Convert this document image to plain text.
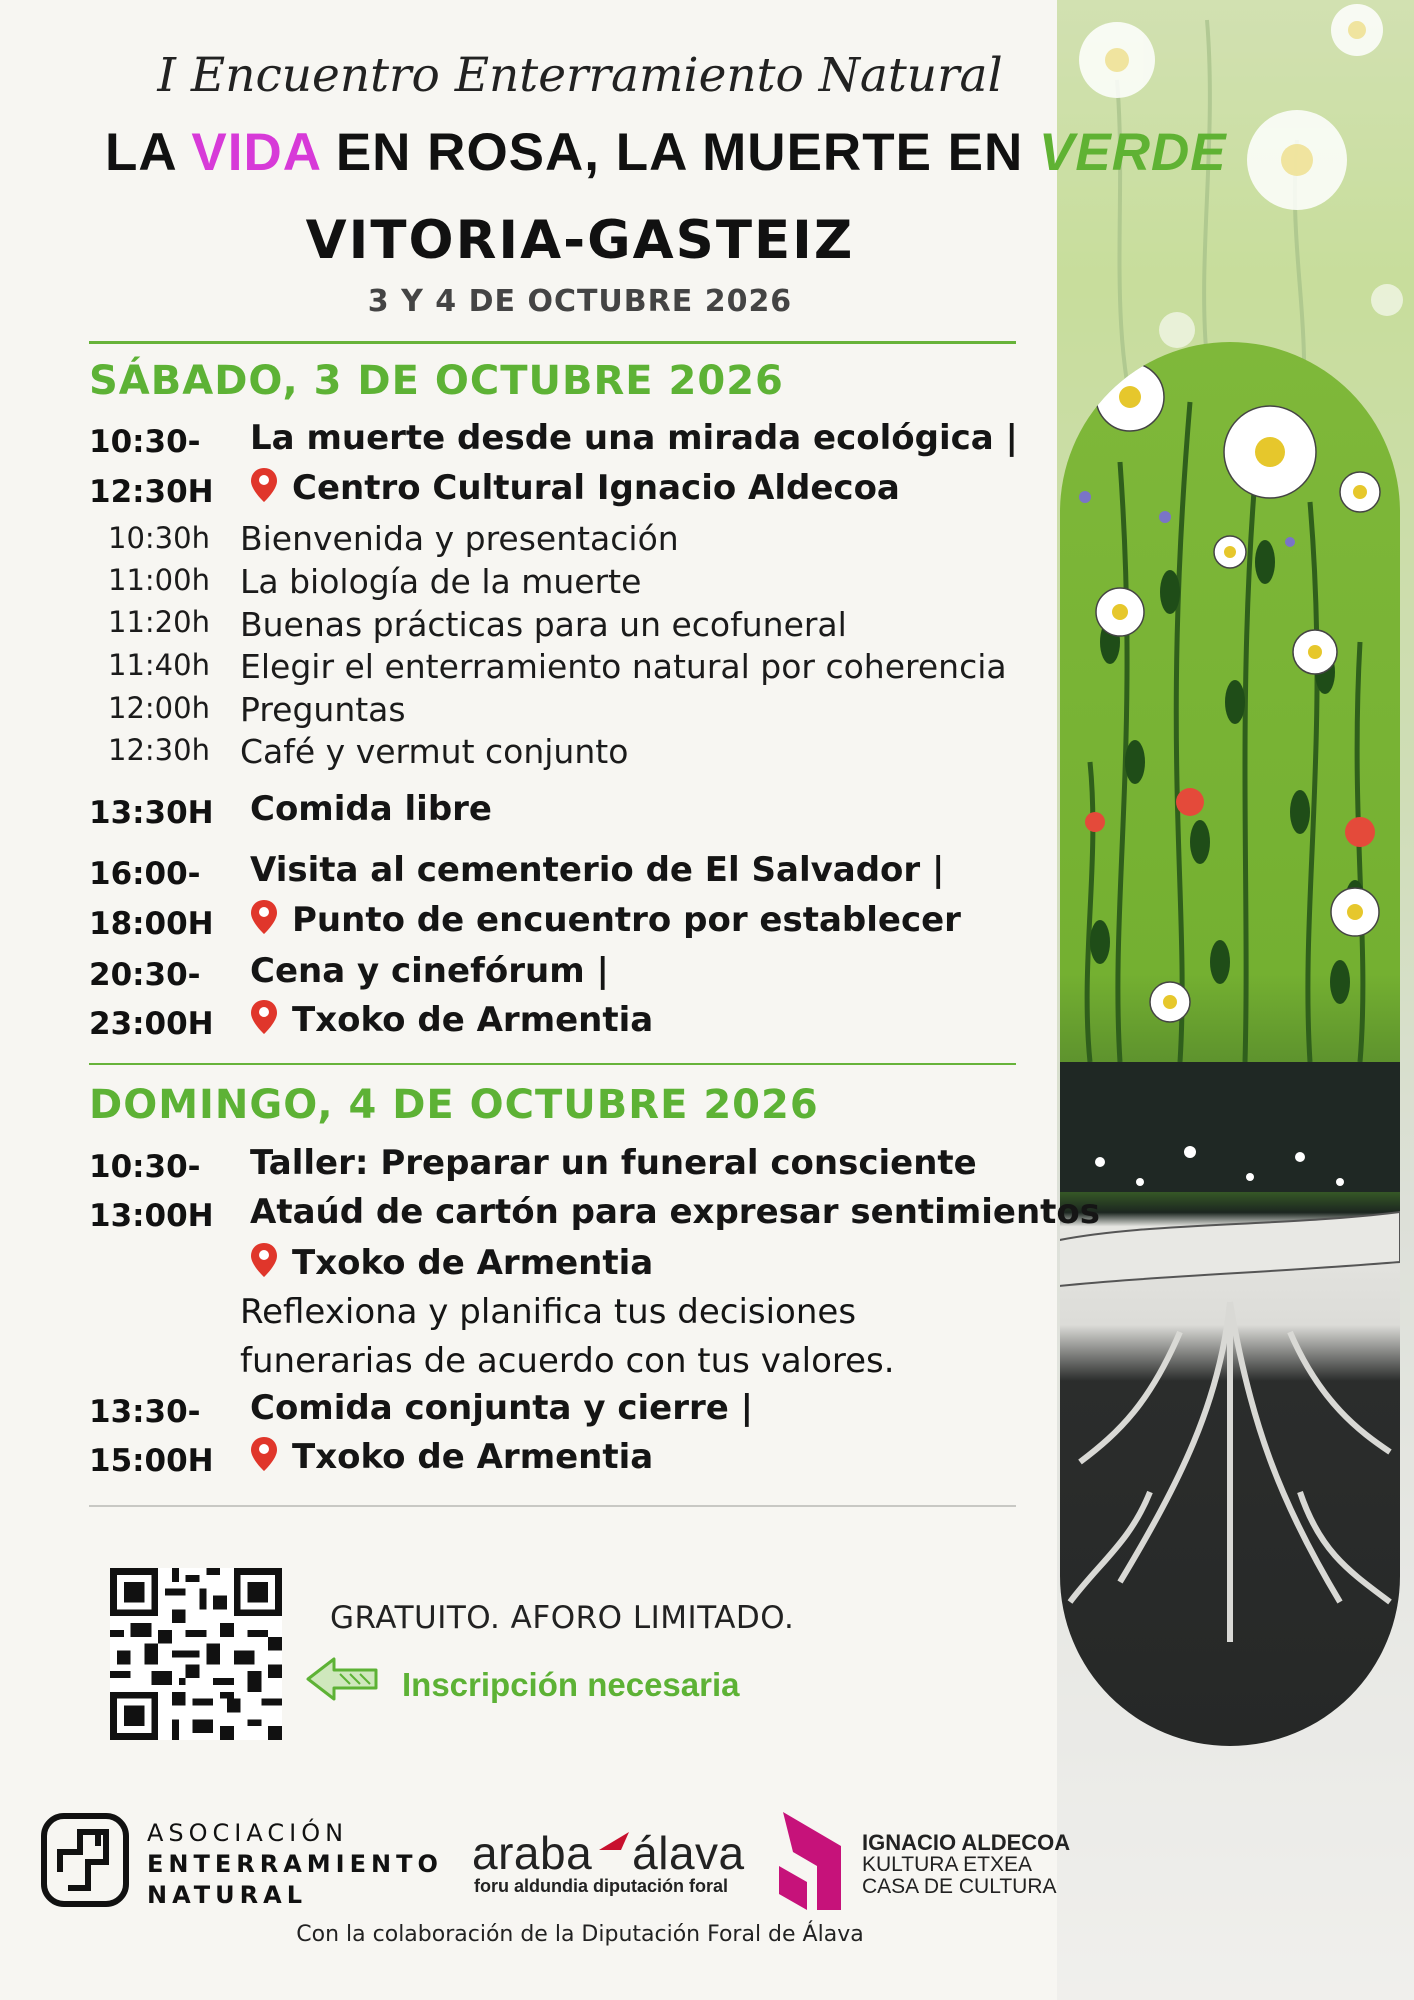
I Encuentro Enterramiento Natural
LA VIDA EN ROSA, LA MUERTE EN VERDE
VITORIA-GASTEIZ
3 Y 4 DE OCTUBRE 2026
SÁBADO, 3 DE OCTUBRE 2026
10:30- La muerte desde una mirada ecológica |
12:30H	Centro Cultural Ignacio Aldecoa
10:30h Bienvenida y presentación
11:00h La biología de la muerte
11:20h Buenas prácticas para un ecofuneral
11:40h Elegir el enterramiento natural por coherencia
12:00h Preguntas
12:30h Café y vermut conjunto
13:30H Comida libre
16:00- Visita al cementerio de El Salvador |
18:00H	Punto de encuentro por establecer
20:30- Cena y cinefórum |
23:00H	Txoko de Armentia
DOMINGO, 4 DE OCTUBRE 2026
10:30- Taller: Preparar un funeral consciente
13:00H Ataúd de cartón para expresar sentimientos
Txoko de Armentia
Reflexiona y planifica tus decisiones
funerarias de acuerdo con tus valores.
13:30- Comida conjunta y cierre |
15:00H	Txoko de Armentia
GRATUITO. AFORO LIMITADO.
Inscripción necesaria
ASOCIACIÓN
ENTERRAMIENTO
NATURAL
araba álava
foru aldundia diputación foral
IGNACIO ALDECOA
KULTURA ETXEA
CASA DE CULTURA
Con la colaboración de la Diputación Foral de Álava
